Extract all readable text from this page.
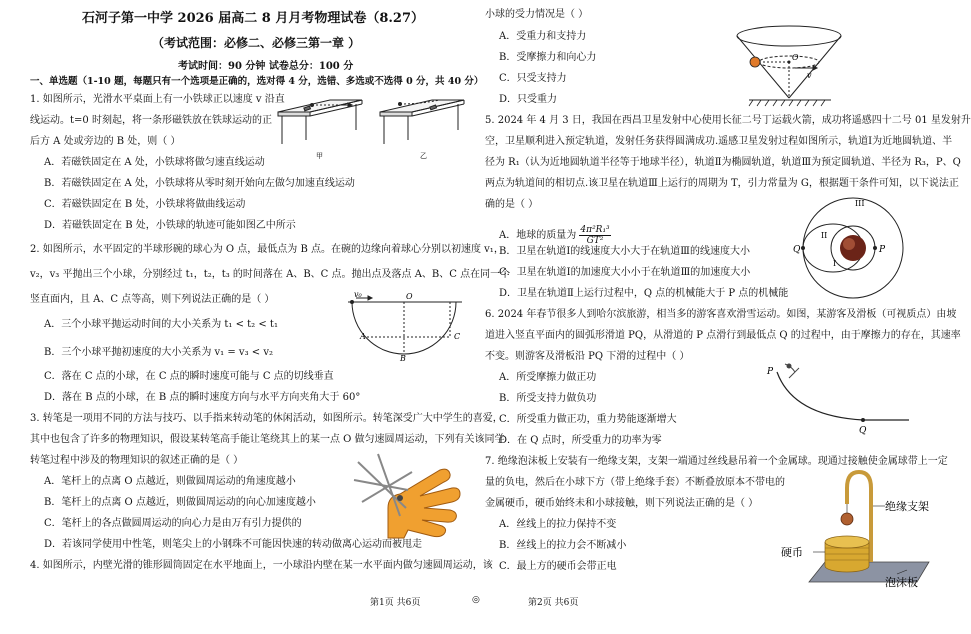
石河子第一中学 2026 届高二 8 月月考物理试卷（8.27）
（考试范围：必修二、必修三第一章 ）
考试时间：90 分钟 试卷总分：100 分
一、单选题（1-10 题，每题只有一个选项是正确的，选对得 4 分，选错、多选或不选得 0 分，共 40 分）
1. 如图所示，光滑水平桌面上有一小铁球正以速度 v 沿直
线运动。t=0 时刻起，将一条形磁铁放在铁球运动的正
后方 A 处或旁边的 B 处，则（ ）
A．若磁铁固定在 A 处，小铁球将做匀速直线运动
B．若磁铁固定在 A 处，小铁球将从零时刻开始向左做匀加速直线运动
C．若磁铁固定在 B 处，小铁球将做曲线运动
D．若磁铁固定在 B 处，小铁球的轨迹可能如图乙中所示
甲	乙
2. 如图所示，水平固定的半球形碗的球心为 O 点，最低点为 B 点。在碗的边缘向着球心分别以初速度 v₁，
v₂，v₃ 平抛出三个小球，分别经过 t₁，t₂，t₃ 的时间落在 A、B、C 点。抛出点及落点 A、B、C 点在同一个
竖直面内，且 A、C 点等高，则下列说法正确的是（ ）
A．三个小球平抛运动时间的大小关系为 t₁ < t₂ < t₁
B．三个小球平抛初速度的大小关系为 v₁ = v₃ < v₂
C．落在 C 点的小球，在 C 点的瞬时速度可能与 C 点的切线垂直
D．落在 B 点的小球，在 B 点的瞬时速度方向与水平方向夹角大于 60°
v₀	O
A
B
C
3. 转笔是一项用不同的方法与技巧、以手指来转动笔的休闲活动，如图所示。转笔深受广大中学生的喜爱，
其中也包含了许多的物理知识，假设某转笔高手能让笔绕其上的某一点 O 做匀速圆周运动，下列有关该同学
转笔过程中涉及的物理知识的叙述正确的是（ ）
A．笔杆上的点离 O 点越近，则做圆周运动的角速度越小
B．笔杆上的点离 O 点越近，则做圆周运动的向心加速度越小
C．笔杆上的各点做圆周运动的向心力是由万有引力提供的
D．若该同学使用中性笔，则笔尖上的小钢珠不可能因快速的转动做离心运动而被甩走
4. 如图所示，内壁光滑的锥形圆筒固定在水平地面上，一小球沿内壁在某一水平面内做匀速圆周运动，该
第1页 共6页	◎
小球的受力情况是（ ）
A．受重力和支持力
B．受摩擦力和向心力
C．只受支持力
D．只受重力
O
v
5. 2024 年 4 月 3 日，我国在西昌卫星发射中心使用长征二号丁运载火箭，成功将遥感四十二号 01 星发射升
空，卫星顺利进入预定轨道，发射任务获得圆满成功.遥感卫星发射过程如图所示，轨道Ⅰ为近地圆轨道、半
径为 R₁（认为近地圆轨道半径等于地球半径），轨道Ⅱ为椭圆轨道，轨道Ⅲ为预定圆轨道、半径为 R₃，P、Q
两点为轨道间的相切点.该卫星在轨道Ⅲ上运行的周期为 T，引力常量为 G，根据题干条件可知，以下说法正
确的是（ ）
A．地球的质量为 $\frac{\text{4π²R₁³}}{\text{GT²}}$
B．卫星在轨道Ⅰ的线速度大小大于在轨道Ⅲ的线速度大小
C．卫星在轨道Ⅰ的加速度大小小于在轨道Ⅲ的加速度大小
D．卫星在轨道Ⅱ上运行过程中，Q 点的机械能大于 P 点的机械能
Q	P
I
II
III
6. 2024 年春节很多人到哈尔滨旅游，相当多的游客喜欢滑雪运动。如图，某游客及滑板（可视质点）由坡
道进入竖直平面内的圆弧形滑道 PQ，从滑道的 P 点滑行到最低点 Q 的过程中，由于摩擦力的存在，其速率
不变。则游客及滑板沿 PQ 下滑的过程中（ ）
A．所受摩擦力做正功
B．所受支持力做负功
C．所受重力做正功，重力势能逐渐增大
D．在 Q 点时，所受重力的功率为零
P
Q
7. 绝缘泡沫板上安装有一绝缘支架，支架一端通过丝线悬吊着一个金属球。现通过接触使金属球带上一定
量的负电，然后在小球下方（带上绝缘手套）不断叠放原本不带电的
金属硬币，硬币始终未和小球接触，则下列说法正确的是（ ）
A．丝线上的拉力保持不变
B．丝线上的拉力会不断减小
C．最上方的硬币会带正电
绝缘支架
硬币
泡沫板
第2页 共6页
